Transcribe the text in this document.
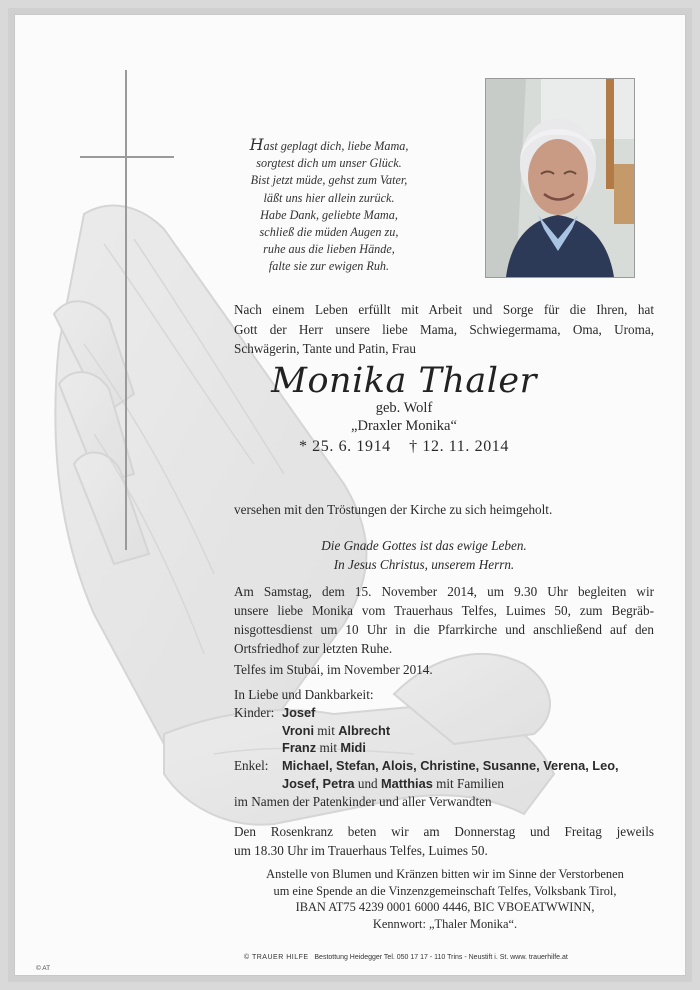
Hast geplagt dich, liebe Mama,
sorgtest dich um unser Glück.
Bist jetzt müde, gehst zum Vater,
läßt uns hier allein zurück.
Habe Dank, geliebte Mama,
schließ die müden Augen zu,
ruhe aus die lieben Hände,
falte sie zur ewigen Ruh.
Nach einem Leben erfüllt mit Arbeit und Sorge für die Ihren, hat
Gott der Herr unsere liebe Mama, Schwiegermama, Oma, Uroma,
Schwägerin, Tante und Patin, Frau
Monika Thaler
geb. Wolf
„Draxler Monika“
* 25. 6. 1914    † 12. 11. 2014
versehen mit den Tröstungen der Kirche zu sich heimgeholt.
Die Gnade Gottes ist das ewige Leben.
In Jesus Christus, unserem Herrn.
Am Samstag, dem 15. November 2014, um 9.30 Uhr begleiten wir
unsere liebe Monika vom Trauerhaus Telfes, Luimes 50, zum Begräb-
nisgottesdienst um 10 Uhr in die Pfarrkirche und anschließend auf den
Ortsfriedhof zur letzten Ruhe.
Telfes im Stubai, im November 2014.
In Liebe und Dankbarkeit:
Kinder: Josef
Vroni mit Albrecht
Franz mit Midi
Enkel:	Michael, Stefan, Alois, Christine, Susanne, Verena, Leo,
Josef, Petra und Matthias mit Familien
im Namen der Patenkinder und aller Verwandten
Den Rosenkranz beten wir am Donnerstag und Freitag jeweils
um 18.30 Uhr im Trauerhaus Telfes, Luimes 50.
Anstelle von Blumen und Kränzen bitten wir im Sinne der Verstorbenen
um eine Spende an die Vinzenzgemeinschaft Telfes, Volksbank Tirol,
IBAN AT75 4239 0001 6000 4446, BIC VBOEATWWINN,
Kennwort: „Thaler Monika“.
© TRAUER HILFE Bestottung Heidegger Tel. 050 17 17 - 110 Trins - Neustift i. St. www. trauerhilfe.at
© AT
